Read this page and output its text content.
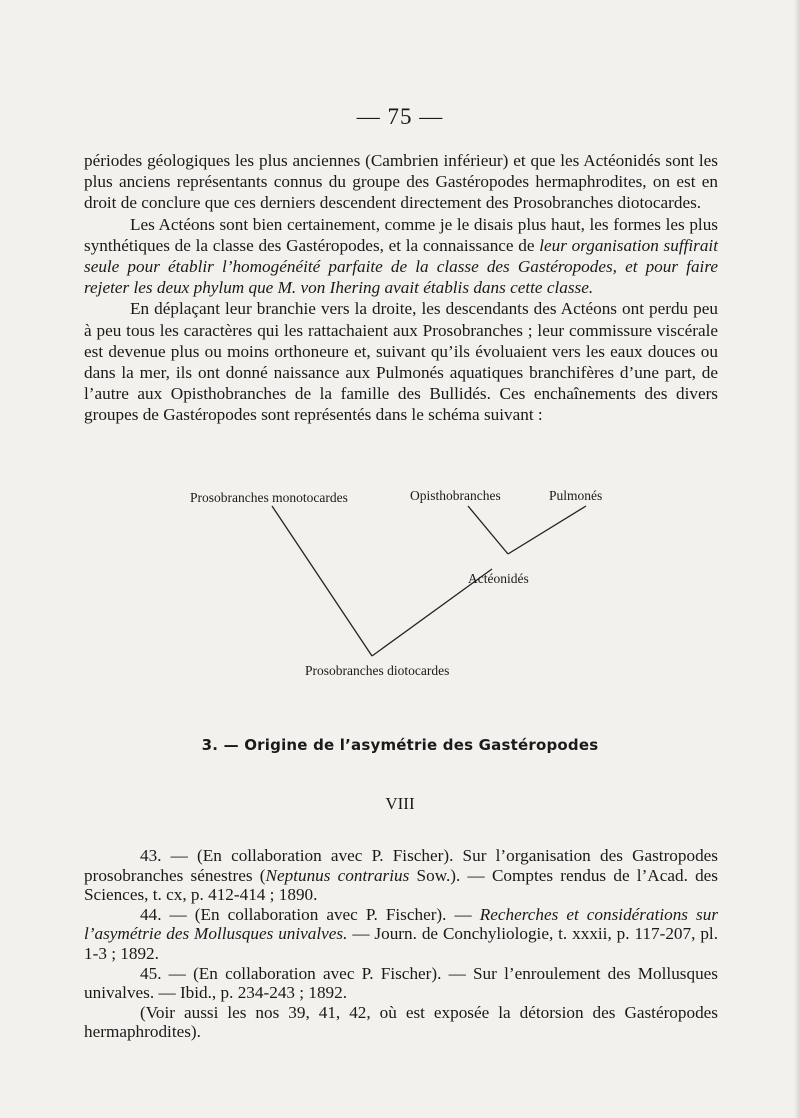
— 75 —

périodes géologiques les plus anciennes (Cambrien inférieur) et que les Actéonidés sont les plus anciens représentants connus du groupe des Gastéropodes hermaphrodites, on est en droit de conclure que ces derniers descendent directement des Prosobranches diotocardes.

Les Actéons sont bien certainement, comme je le disais plus haut, les formes les plus synthétiques de la classe des Gastéropodes, et la connaissance de leur organisation suffirait seule pour établir l’homogénéité parfaite de la classe des Gastéropodes, et pour faire rejeter les deux phylum que M. von Ihering avait établis dans cette classe.

En déplaçant leur branchie vers la droite, les descendants des Actéons ont perdu peu à peu tous les caractères qui les rattachaient aux Prosobranches ; leur commissure viscérale est devenue plus ou moins orthoneure et, suivant qu’ils évoluaient vers les eaux douces ou dans la mer, ils ont donné naissance aux Pulmonés aquatiques branchifères d’une part, de l’autre aux Opisthobranches de la famille des Bullidés. Ces enchaînements des divers groupes de Gastéropodes sont représentés dans le schéma suivant :

Prosobranches monotocardes	Opisthobranches	Pulmonés
Actéonidés
Prosobranches diotocardes
3. — Origine de l’asymétrie des Gastéropodes
VIII

43. — (En collaboration avec P. Fischer). Sur l’organisation des Gastropodes prosobranches sénestres (Neptunus contrarius Sow.). — Comptes rendus de l’Acad. des Sciences, t. cx, p. 412-414 ; 1890.

44. — (En collaboration avec P. Fischer). — Recherches et considérations sur l’asymétrie des Mollusques univalves. — Journ. de Conchyliologie, t. xxxii, p. 117-207, pl. 1-3 ; 1892.

45. — (En collaboration avec P. Fischer). — Sur l’enroulement des Mollusques univalves. — Ibid., p. 234-243 ; 1892.

(Voir aussi les nos 39, 41, 42, où est exposée la détorsion des Gastéropodes hermaphrodites).
